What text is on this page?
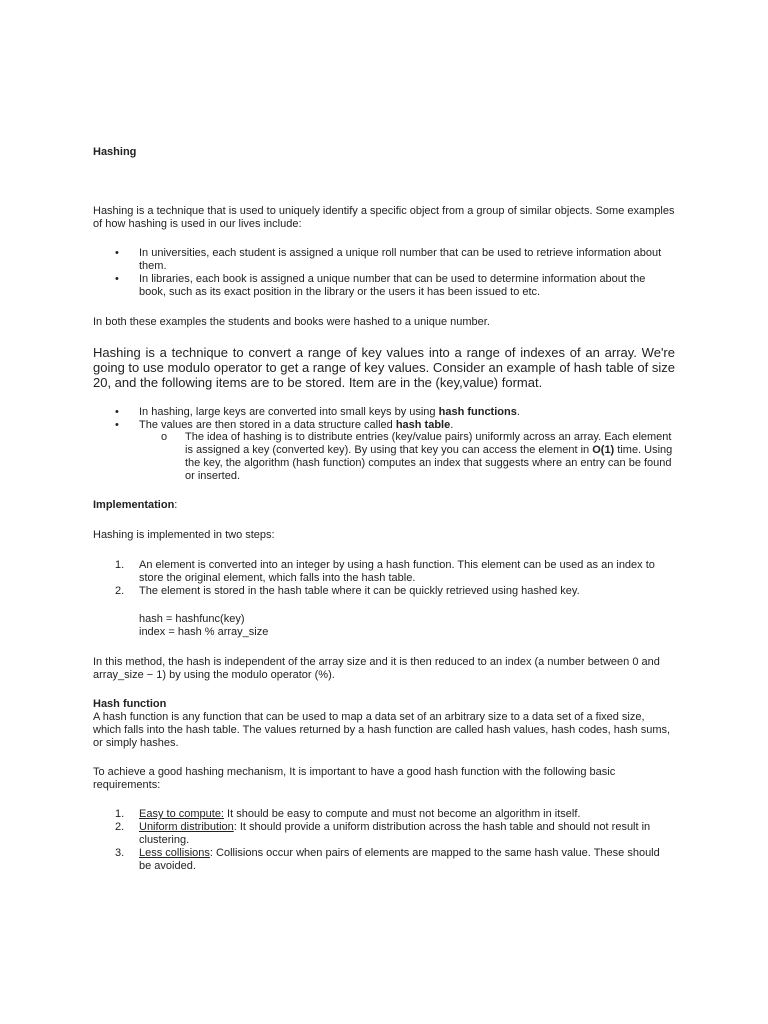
Hashing

Hashing is a technique that is used to uniquely identify a specific object from a group of similar objects. Some examples of how hashing is used in our lives include:

• In universities, each student is assigned a unique roll number that can be used to retrieve information about them.
• In libraries, each book is assigned a unique number that can be used to determine information about the book, such as its exact position in the library or the users it has been issued to etc.

In both these examples the students and books were hashed to a unique number.

Hashing is a technique to convert a range of key values into a range of indexes of an array. We're going to use modulo operator to get a range of key values. Consider an example of hash table of size 20, and the following items are to be stored. Item are in the (key,value) format.

• In hashing, large keys are converted into small keys by using hash functions.
• The values are then stored in a data structure called hash table.
o The idea of hashing is to distribute entries (key/value pairs) uniformly across an array. Each element is assigned a key (converted key). By using that key you can access the element in O(1) time. Using the key, the algorithm (hash function) computes an index that suggests where an entry can be found or inserted.

Implementation:

Hashing is implemented in two steps:

1. An element is converted into an integer by using a hash function. This element can be used as an index to store the original element, which falls into the hash table.
2. The element is stored in the hash table where it can be quickly retrieved using hashed key.

hash = hashfunc(key)

index = hash % array_size

In this method, the hash is independent of the array size and it is then reduced to an index (a number between 0 and array_size − 1) by using the modulo operator (%).

Hash function

A hash function is any function that can be used to map a data set of an arbitrary size to a data set of a fixed size, which falls into the hash table. The values returned by a hash function are called hash values, hash codes, hash sums, or simply hashes.

To achieve a good hashing mechanism, It is important to have a good hash function with the following basic requirements:

1. Easy to compute: It should be easy to compute and must not become an algorithm in itself.
2. Uniform distribution: It should provide a uniform distribution across the hash table and should not result in clustering.
3. Less collisions: Collisions occur when pairs of elements are mapped to the same hash value. These should be avoided.
